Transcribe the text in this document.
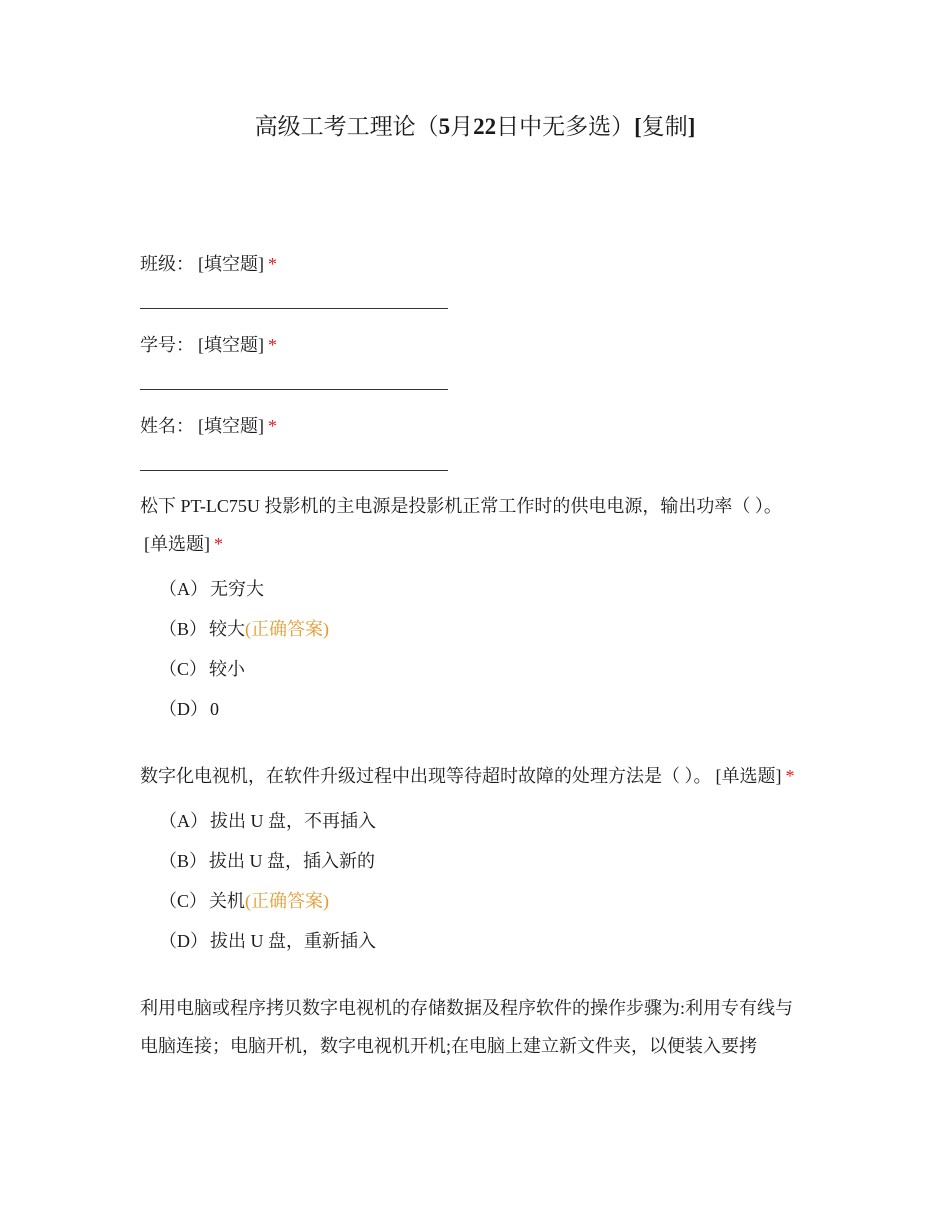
高级工考工理论（5月22日中无多选）[复制]
班级： [填空题] *
学号： [填空题] *
姓名： [填空题] *
松下 PT-LC75U 投影机的主电源是投影机正常工作时的供电电源，输出功率（ ）。[单选题] *
（A） 无穷大
（B） 较大(正确答案)
（C） 较小
（D） 0
数字化电视机，在软件升级过程中出现等待超时故障的处理方法是（ ）。 [单选题] *
（A） 拔出 U 盘，不再插入
（B） 拔出 U 盘，插入新的
（C） 关机(正确答案)
（D） 拔出 U 盘，重新插入
利用电脑或程序拷贝数字电视机的存储数据及程序软件的操作步骤为:利用专有线与电脑连接；电脑开机，数字电视机开机;在电脑上建立新文件夹，以便装入要拷
